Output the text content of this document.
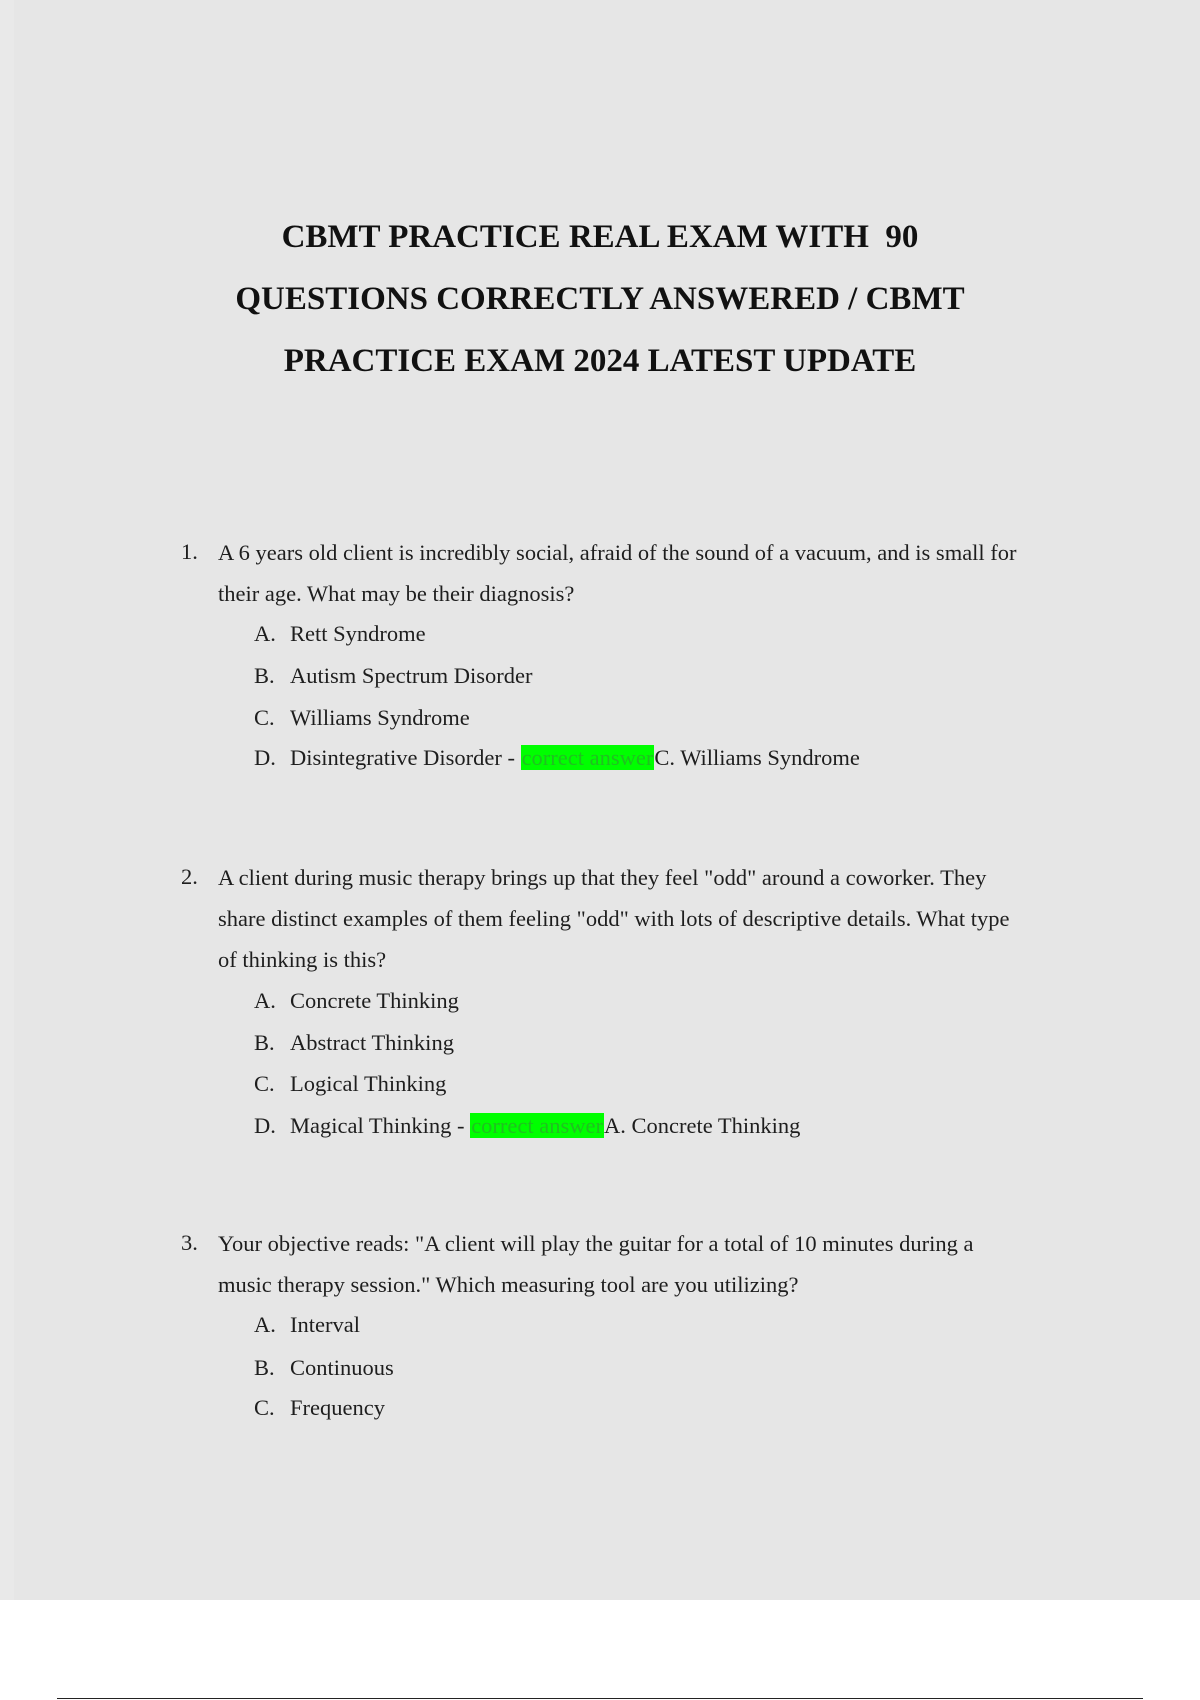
CBMT PRACTICE REAL EXAM WITH  90
QUESTIONS CORRECTLY ANSWERED / CBMT
PRACTICE EXAM 2024 LATEST UPDATE
1. A 6 years old client is incredibly social, afraid of the sound of a vacuum, and is small for
their age. What may be their diagnosis?
A. Rett Syndrome
B. Autism Spectrum Disorder
C. Williams Syndrome
D. Disintegrative Disorder - correct answerC. Williams Syndrome
2. A client during music therapy brings up that they feel "odd" around a coworker. They
share distinct examples of them feeling "odd" with lots of descriptive details. What type
of thinking is this?
A. Concrete Thinking
B. Abstract Thinking
C. Logical Thinking
D. Magical Thinking - correct answerA. Concrete Thinking
3. Your objective reads: "A client will play the guitar for a total of 10 minutes during a
music therapy session." Which measuring tool are you utilizing?
A. Interval
B. Continuous
C. Frequency
